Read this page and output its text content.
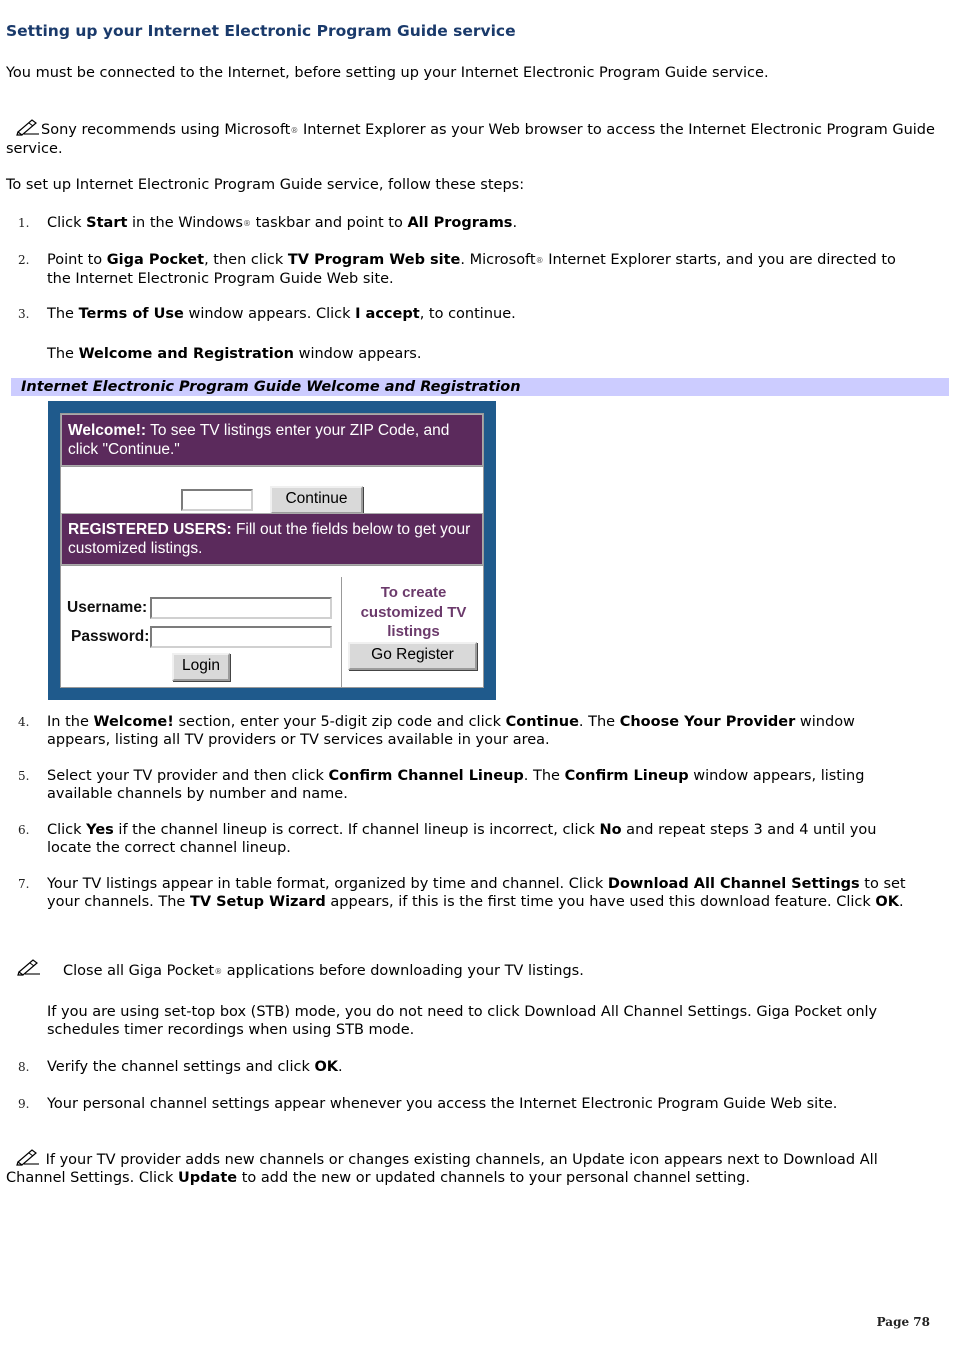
Setting up your Internet Electronic Program Guide service

You must be connected to the Internet, before setting up your Internet Electronic Program Guide service.

Sony recommends using Microsoft® Internet Explorer as your Web browser to access the Internet Electronic Program Guide service.

To set up Internet Electronic Program Guide service, follow these steps:

1.	Click Start in the Windows® taskbar and point to All Programs.

2.	Point to Giga Pocket, then click TV Program Web site. Microsoft® Internet Explorer starts, and you are directed to the Internet Electronic Program Guide Web site.

3.	The Terms of Use window appears. Click I accept, to continue.

The Welcome and Registration window appears.

Internet Electronic Program Guide Welcome and Registration
Welcome!: To see TV listings enter your ZIP Code, and click "Continue."
Continue
REGISTERED USERS: Fill out the fields below to get your customized listings.
Username:
Password:
Login
To create customized TV listings
Go Register
4.	In the Welcome! section, enter your 5-digit zip code and click Continue. The Choose Your Provider window appears, listing all TV providers or TV services available in your area.

5.	Select your TV provider and then click Confirm Channel Lineup. The Confirm Lineup window appears, listing available channels by number and name.

6.	Click Yes if the channel lineup is correct. If channel lineup is incorrect, click No and repeat steps 3 and 4 until you locate the correct channel lineup.

7.	Your TV listings appear in table format, organized by time and channel. Click Download All Channel Settings to set your channels. The TV Setup Wizard appears, if this is the first time you have used this download feature. Click OK.

Close all Giga Pocket® applications before downloading your TV listings.

If you are using set-top box (STB) mode, you do not need to click Download All Channel Settings. Giga Pocket only schedules timer recordings when using STB mode.

8.	Verify the channel settings and click OK.

9.	Your personal channel settings appear whenever you access the Internet Electronic Program Guide Web site.

If your TV provider adds new channels or changes existing channels, an Update icon appears next to Download All Channel Settings. Click Update to add the new or updated channels to your personal channel setting.

Page 78
